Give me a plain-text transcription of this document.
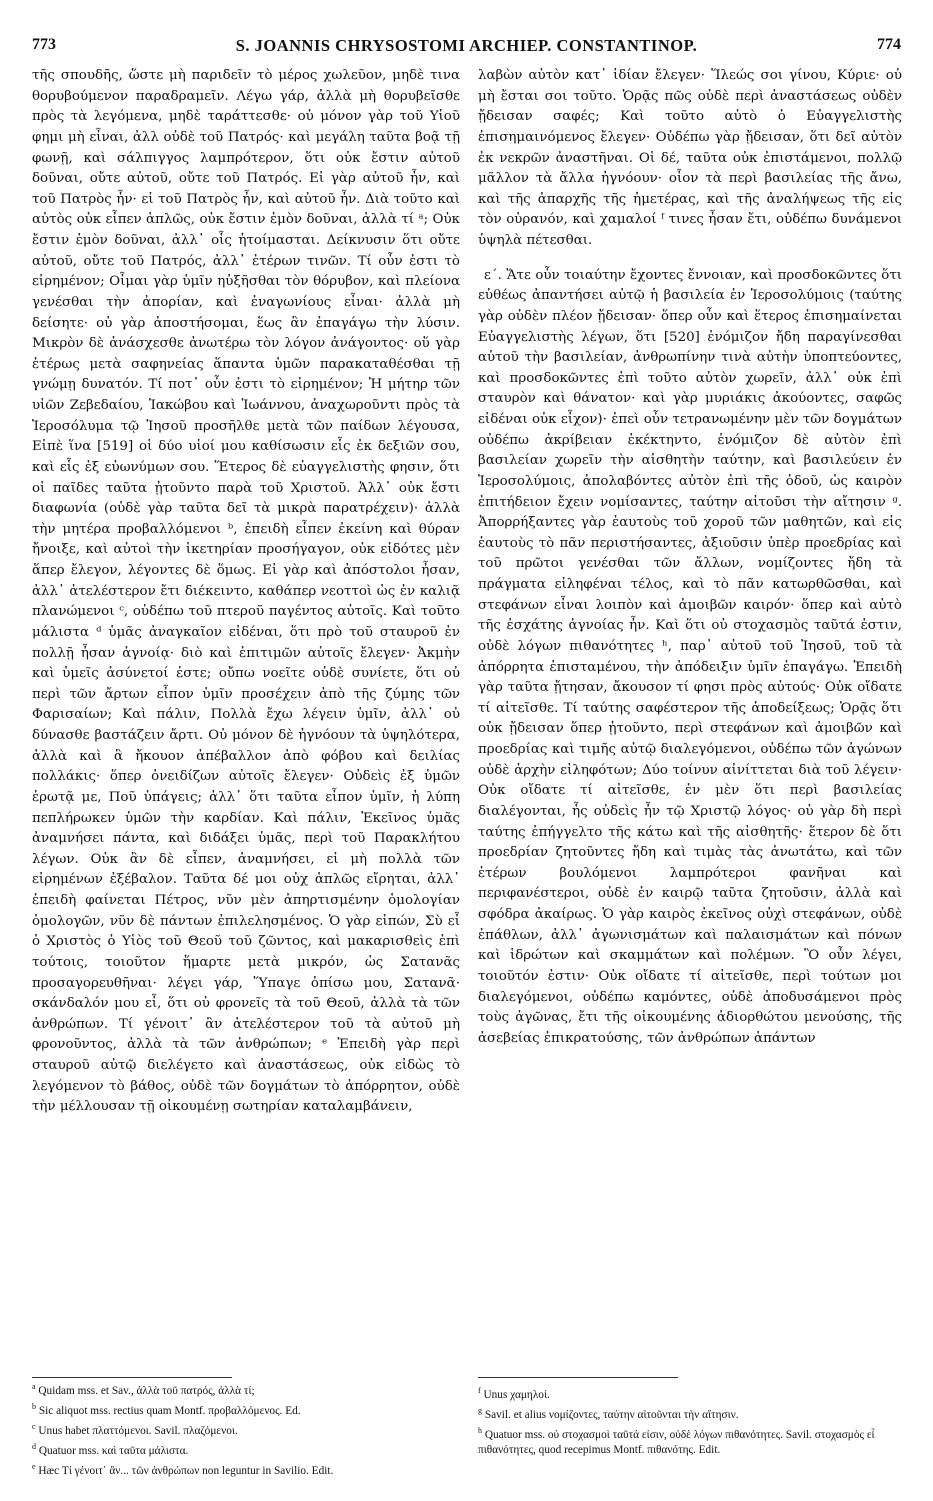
773	S. JOANNIS CHRYSOSTOMI ARCHIEP. CONSTANTINOP.	774

τῆς σπουδῆς, ὥστε μὴ παριδεῖν τὸ μέρος χωλεῦον, μηδὲ τινα θορυβούμενον παραδραμεῖν. Λέγω γάρ, ἀλλὰ μὴ θορυβεῖσθε πρὸς τὰ λεγόμενα, μηδὲ ταράττεσθε· οὐ μόνον γὰρ τοῦ Υἱοῦ φημι μὴ εἶναι, ἀλλ οὐδὲ τοῦ Πατρός· καὶ μεγάλη ταῦτα βοᾷ τῇ φωνῇ, καὶ σάλπιγγος λαμπρότερον, ὅτι οὐκ ἔστιν αὐτοῦ δοῦναι, οὔτε αὐτοῦ, οὔτε τοῦ Πατρός. Εἰ γὰρ αὐτοῦ ἦν, καὶ τοῦ Πατρὸς ἦν· εἰ τοῦ Πατρὸς ἦν, καὶ αὐτοῦ ἦν. Διὰ τοῦτο καὶ αὐτὸς οὐκ εἶπεν ἁπλῶς, οὐκ ἔστιν ἐμὸν δοῦναι, ἀλλὰ τί ᵃ; Οὐκ ἔστιν ἐμὸν δοῦναι, ἀλλ᾽ οἷς ἡτοίμασται. Δείκνυσιν ὅτι οὔτε αὐτοῦ, οὔτε τοῦ Πατρός, ἀλλ᾽ ἑτέρων τινῶν. Τί οὖν ἐστι τὸ εἰρημένον; Οἶμαι γὰρ ὑμῖν ηὐξῆσθαι τὸν θόρυβον, καὶ πλείονα γενέσθαι τὴν ἀπορίαν, καὶ ἐναγωνίους εἶναι· ἀλλὰ μὴ δείσητε· οὐ γὰρ ἀποστήσομαι, ἕως ἂν ἐπαγάγω τὴν λύσιν. Μικρὸν δὲ ἀνάσχεσθε ἀνωτέρω τὸν λόγον ἀνάγοντος· οὕ γὰρ ἑτέρως μετὰ σαφηνείας ἅπαντα ὑμῶν παρακαταθέσθαι τῇ γνώμῃ δυνατόν. Τί ποτ᾽ οὖν ἐστι τὸ εἰρημένον; Ἡ μήτηρ τῶν υἱῶν Ζεβεδαίου, Ἰακώβου καὶ Ἰωάννου, ἀναχωροῦντι πρὸς τὰ Ἱεροσόλυμα τῷ Ἰησοῦ προσῆλθε μετὰ τῶν παίδων λέγουσα, Εἰπὲ ἵνα [519] οἱ δύο υἱοί μου καθίσωσιν εἷς ἐκ δεξιῶν σου, καὶ εἷς ἐξ εὐωνύμων σου. Ἕτερος δὲ εὐαγγελιστὴς φησιν, ὅτι οἱ παῖδες ταῦτα ᾐτοῦντο παρὰ τοῦ Χριστοῦ. Ἀλλ᾽ οὐκ ἔστι διαφωνία (οὐδὲ γὰρ ταῦτα δεῖ τὰ μικρὰ παρατρέχειν)· ἀλλὰ τὴν μητέρα προβαλλόμενοι ᵇ, ἐπειδὴ εἶπεν ἐκείνη καὶ θύραν ἤνοιξε, καὶ αὐτοὶ τὴν ἱκετηρίαν προσήγαγον, οὐκ εἰδότες μὲν ἅπερ ἔλεγον, λέγοντες δὲ ὅμως. Εἰ γὰρ καὶ ἀπόστολοι ἦσαν, ἀλλ᾽ ἀτελέστερον ἔτι διέκειντο, καθάπερ νεοττοὶ ὡς ἐν καλιᾷ πλανώμενοι ᶜ, οὐδέπω τοῦ πτεροῦ παγέντος αὐτοῖς. Καὶ τοῦτο μάλιστα ᵈ ὑμᾶς ἀναγκαῖον εἰδέναι, ὅτι πρὸ τοῦ σταυροῦ ἐν πολλῇ ἦσαν ἀγνοίᾳ· διὸ καὶ ἐπιτιμῶν αὐτοῖς ἔλεγεν· Ἀκμὴν καὶ ὑμεῖς ἀσύνετοί ἐστε; οὔπω νοεῖτε οὐδὲ συνίετε, ὅτι οὐ περὶ τῶν ἄρτων εἶπον ὑμῖν προσέχειν ἀπὸ τῆς ζύμης τῶν Φαρισαίων; Καὶ πάλιν, Πολλὰ ἔχω λέγειν ὑμῖν, ἀλλ᾽ οὐ δύνασθε βαστάζειν ἄρτι. Οὐ μόνον δὲ ἠγνόουν τὰ ὑψηλότερα, ἀλλὰ καὶ ἃ ἤκουον ἀπέβαλλον ἀπὸ φόβου καὶ δειλίας πολλάκις· ὅπερ ὀνειδίζων αὐτοῖς ἔλεγεν· Οὐδεὶς ἐξ ὑμῶν ἐρωτᾷ με, Ποῦ ὑπάγεις; ἀλλ᾽ ὅτι ταῦτα εἶπον ὑμῖν, ἡ λύπη πεπλήρωκεν ὑμῶν τὴν καρδίαν. Καὶ πάλιν, Ἐκεῖνος ὑμᾶς ἀναμνήσει πάντα, καὶ διδάξει ὑμᾶς, περὶ τοῦ Παρακλήτου λέγων. Οὐκ ἂν δὲ εἶπεν, ἀναμνήσει, εἰ μὴ πολλὰ τῶν εἰρημένων ἐξέβαλον. Ταῦτα δέ μοι οὐχ ἁπλῶς εἴρηται, ἀλλ᾽ ἐπειδὴ φαίνεται Πέτρος, νῦν μὲν ἀπηρτισμένην ὁμολογίαν ὁμολογῶν, νῦν δὲ πάντων ἐπιλελησμένος. Ὁ γὰρ εἰπών, Σὺ εἶ ὁ Χριστὸς ὁ Υἱὸς τοῦ Θεοῦ τοῦ ζῶντος, καὶ μακαρισθεὶς ἐπὶ τούτοις, τοιοῦτον ἥμαρτε μετὰ μικρόν, ὡς Σατανᾶς προσαγορευθῆναι· λέγει γάρ, Ὕπαγε ὀπίσω μου, Σατανᾶ· σκάνδαλόν μου εἶ, ὅτι οὐ φρονεῖς τὰ τοῦ Θεοῦ, ἀλλὰ τὰ τῶν ἀνθρώπων. Τί γένοιτ᾽ ἂν ἀτελέστερον τοῦ τὰ αὐτοῦ μὴ φρονοῦντος, ἀλλὰ τὰ τῶν ἀνθρώπων; ᵉ Ἐπειδὴ γὰρ περὶ σταυροῦ αὐτῷ διελέγετο καὶ ἀναστάσεως, οὐκ εἰδὼς τὸ λεγόμενον τὸ βάθος, οὐδὲ τῶν δογμάτων τὸ ἀπόρρητον, οὐδὲ τὴν μέλλουσαν τῇ οἰκουμένῃ σωτηρίαν καταλαμβάνειν,

λαβὼν αὐτὸν κατ᾽ ἰδίαν ἔλεγεν· Ἵλεώς σοι γίνου, Κύριε· οὐ μὴ ἔσται σοι τοῦτο. Ὁρᾷς πῶς οὐδὲ περὶ ἀναστάσεως οὐδὲν ᾔδεισαν σαφές; Καὶ τοῦτο αὐτὸ ὁ Εὐαγγελιστὴς ἐπισημαινόμενος ἔλεγεν· Οὐδέπω γὰρ ᾔδεισαν, ὅτι δεῖ αὐτὸν ἐκ νεκρῶν ἀναστῆναι. Οἱ δέ, ταῦτα οὐκ ἐπιστάμενοι, πολλῷ μᾶλλον τὰ ἄλλα ἠγνόουν· οἷον τὰ περὶ βασιλείας τῆς ἄνω, καὶ τῆς ἀπαρχῆς τῆς ἡμετέρας, καὶ τῆς ἀναλήψεως τῆς εἰς τὸν οὐρανόν, καὶ χαμαλοί ᶠ τινες ἦσαν ἔτι, οὐδέπω δυνάμενοι ὑψηλὰ πέτεσθαι.

ε΄. Ἅτε οὖν τοιαύτην ἔχοντες ἔννοιαν, καὶ προσδοκῶντες ὅτι εὐθέως ἀπαντήσει αὐτῷ ἡ βασιλεία ἐν Ἱεροσολύμοις (ταύτης γὰρ οὐδὲν πλέον ᾔδεισαν· ὅπερ οὖν καὶ ἕτερος ἐπισημαίνεται Εὐαγγελιστὴς λέγων, ὅτι [520] ἐνόμιζον ἤδη παραγίνεσθαι αὐτοῦ τὴν βασιλείαν, ἀνθρωπίνην τινὰ αὐτὴν ὑποπτεύοντες, καὶ προσδοκῶντες ἐπὶ τοῦτο αὐτὸν χωρεῖν, ἀλλ᾽ οὐκ ἐπὶ σταυρὸν καὶ θάνατον· καὶ γὰρ μυριάκις ἀκούοντες, σαφῶς εἰδέναι οὐκ εἶχον)· ἐπεὶ οὖν τετρανωμένην μὲν τῶν δογμάτων οὐδέπω ἀκρίβειαν ἐκέκτηντο, ἐνόμιζον δὲ αὐτὸν ἐπὶ βασιλείαν χωρεῖν τὴν αἰσθητὴν ταύτην, καὶ βασιλεύειν ἐν Ἱεροσολύμοις, ἀπολαβόντες αὐτὸν ἐπὶ τῆς ὁδοῦ, ὡς καιρὸν ἐπιτήδειον ἔχειν νομίσαντες, ταύτην αἰτοῦσι τὴν αἴτησιν ᵍ. Ἀπορρήξαντες γὰρ ἑαυτοὺς τοῦ χοροῦ τῶν μαθητῶν, καὶ εἰς ἑαυτοὺς τὸ πᾶν περιστήσαντες, ἀξιοῦσιν ὑπὲρ προεδρίας καὶ τοῦ πρῶτοι γενέσθαι τῶν ἄλλων, νομίζοντες ἤδη τὰ πράγματα εἰληφέναι τέλος, καὶ τὸ πᾶν κατωρθῶσθαι, καὶ στεφάνων εἶναι λοιπὸν καὶ ἀμοιβῶν καιρόν· ὅπερ καὶ αὐτὸ τῆς ἐσχάτης ἀγνοίας ἦν. Καὶ ὅτι οὐ στοχασμὸς ταῦτά ἐστιν, οὐδὲ λόγων πιθανότητες ʰ, παρ᾽ αὐτοῦ τοῦ Ἰησοῦ, τοῦ τὰ ἀπόρρητα ἐπισταμένου, τὴν ἀπόδειξιν ὑμῖν ἐπαγάγω. Ἐπειδὴ γὰρ ταῦτα ᾔτησαν, ἄκουσον τί φησι πρὸς αὐτούς· Οὐκ οἴδατε τί αἰτεῖσθε. Τί ταύτης σαφέστερον τῆς ἀποδείξεως; Ὁρᾷς ὅτι οὐκ ᾔδεισαν ὅπερ ᾐτοῦντο, περὶ στεφάνων καὶ ἀμοιβῶν καὶ προεδρίας καὶ τιμῆς αὐτῷ διαλεγόμενοι, οὐδέπω τῶν ἀγώνων οὐδὲ ἀρχὴν εἰληφότων; Δύο τοίνυν αἰνίττεται διὰ τοῦ λέγειν· Οὐκ οἴδατε τί αἰτεῖσθε, ἐν μὲν ὅτι περὶ βασιλείας διαλέγονται, ἧς οὐδεὶς ἦν τῷ Χριστῷ λόγος· οὐ γὰρ δὴ περὶ ταύτης ἐπήγγελτο τῆς κάτω καὶ τῆς αἰσθητῆς· ἕτερον δὲ ὅτι προεδρίαν ζητοῦντες ἤδη καὶ τιμὰς τὰς ἀνωτάτω, καὶ τῶν ἑτέρων βουλόμενοι λαμπρότεροι φανῆναι καὶ περιφανέστεροι, οὐδὲ ἐν καιρῷ ταῦτα ζητοῦσιν, ἀλλὰ καὶ σφόδρα ἀκαίρως. Ὁ γὰρ καιρὸς ἐκεῖνος οὐχὶ στεφάνων, οὐδὲ ἐπάθλων, ἀλλ᾽ ἀγωνισμάτων καὶ παλαισμάτων καὶ πόνων καὶ ἱδρώτων καὶ σκαμμάτων καὶ πολέμων. Ὃ οὖν λέγει, τοιοῦτόν ἐστιν· Οὐκ οἴδατε τί αἰτεῖσθε, περὶ τούτων μοι διαλεγόμενοι, οὐδέπω καμόντες, οὐδὲ ἀποδυσάμενοι πρὸς τοὺς ἀγῶνας, ἔτι τῆς οἰκουμένης ἀδιορθώτου μενούσης, τῆς ἀσεβείας ἐπικρατούσης, τῶν ἀνθρώπων ἁπάντων

$^a$ Quidam mss. et Sav., ἀλλὰ τοῦ πατρός, ἀλλὰ τί;

$^b$ Sic aliquot mss. rectius quam Montf. προβαλλόμενος. Ed.

$^c$ Unus habet πλαττόμενοι. Savil. πλαζόμενοι.

$^d$ Quatuor mss. καὶ ταῦτα μάλιστα.

$^e$ Hæc Τί γένοιτ᾽ ἂν... τῶν ἀνθρώπων non leguntur in Savilio. Edit.

$^f$ Unus χαμηλοί.

$^g$ Savil. et alius νομίζοντες, ταύτην αἰτοῦνται τὴν αἴτησιν.

$^h$ Quatuor mss. οὐ στοχασμοὶ ταῦτά εἰσιν, οὐδὲ λόγων πιθανότητες. Savil. στοχασμὸς εἶ πιθανότητες, quod recepimus Montf. πιθανότης. Edit.
